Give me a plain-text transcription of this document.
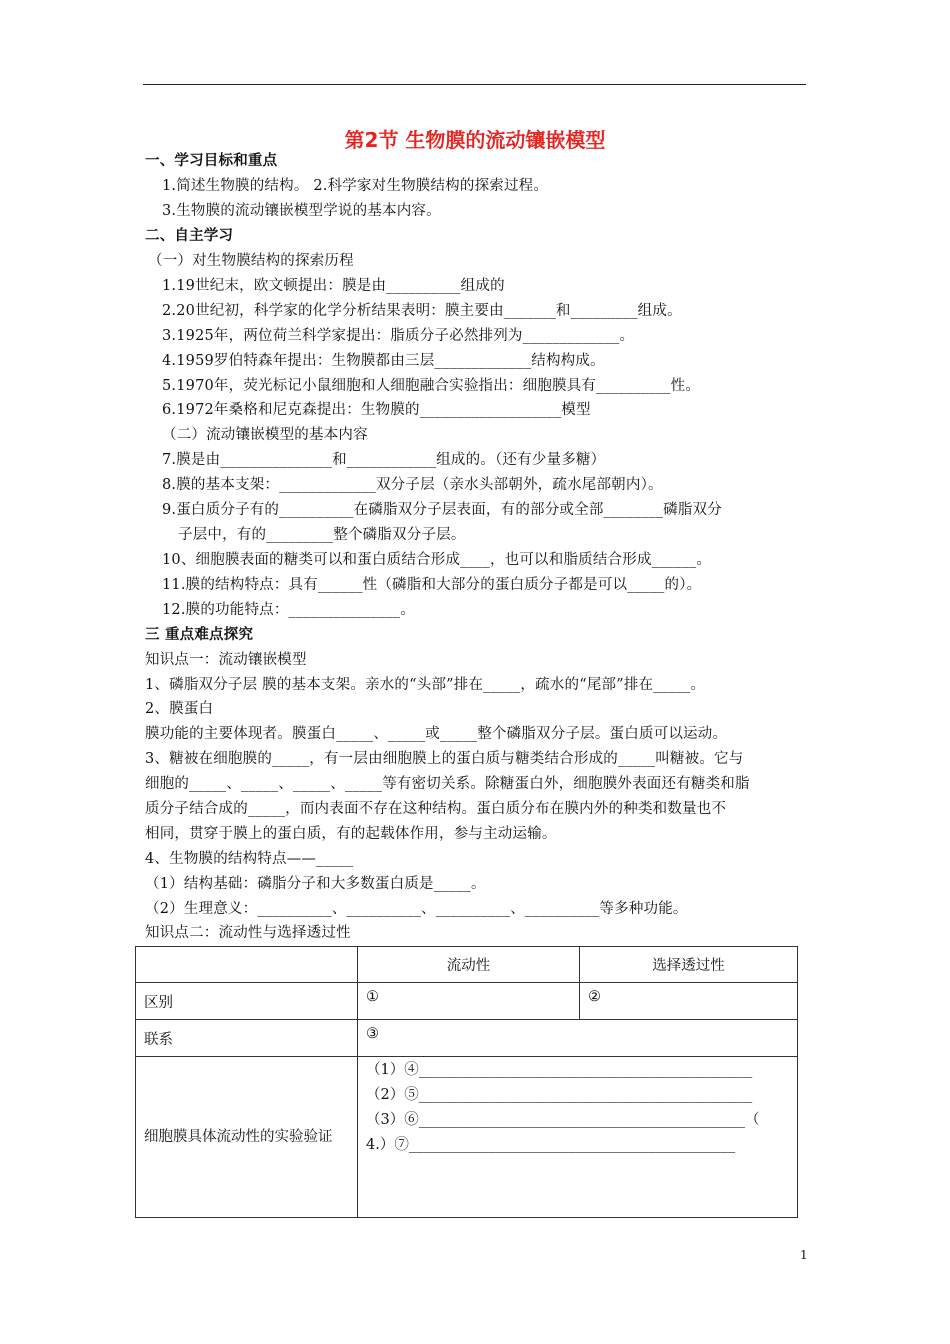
第2节 生物膜的流动镶嵌模型
一、学习目标和重点
1.简述生物膜的结构。 2.科学家对生物膜结构的探索过程。
3.生物膜的流动镶嵌模型学说的基本内容。
二、自主学习
（一）对生物膜结构的探索历程
1.19世纪末，欧文顿提出：膜是由__________组成的
2.20世纪初，科学家的化学分析结果表明：膜主要由_______和_________组成。
3.1925年，两位荷兰科学家提出：脂质分子必然排列为_____________。
4.1959罗伯特森年提出：生物膜都由三层_____________结构构成。
5.1970年，荧光标记小鼠细胞和人细胞融合实验指出：细胞膜具有__________性。
6.1972年桑格和尼克森提出：生物膜的___________________模型
（二）流动镶嵌模型的基本内容
7.膜是由_______________和____________组成的。（还有少量多糖）
8.膜的基本支架：_____________双分子层（亲水头部朝外，疏水尾部朝内）。
9.蛋白质分子有的__________在磷脂双分子层表面，有的部分或全部________磷脂双分
子层中，有的_________整个磷脂双分子层。
10、细胞膜表面的糖类可以和蛋白质结合形成____，也可以和脂质结合形成______。
11.膜的结构特点：具有______性（磷脂和大部分的蛋白质分子都是可以_____的）。
12.膜的功能特点：_______________。
三 重点难点探究
知识点一：流动镶嵌模型
1、磷脂双分子层 膜的基本支架。亲水的“头部”排在_____，疏水的“尾部”排在_____。
2、膜蛋白
膜功能的主要体现者。膜蛋白_____、_____或_____整个磷脂双分子层。蛋白质可以运动。
3、糖被在细胞膜的_____，有一层由细胞膜上的蛋白质与糖类结合形成的_____叫糖被。它与
细胞的_____、_____、_____、_____等有密切关系。除糖蛋白外，细胞膜外表面还有糖类和脂
质分子结合成的_____，而内表面不存在这种结构。蛋白质分布在膜内外的种类和数量也不
相同，贯穿于膜上的蛋白质，有的起载体作用，参与主动运输。
4、生物膜的结构特点——_____
（1）结构基础：磷脂分子和大多数蛋白质是_____。
（2）生理意义：__________、__________、__________、__________等多种功能。
知识点二：流动性与选择透过性
	流动性	选择透过性
区别	①	②
联系	③	
细胞膜具体流动性的实验验证	（1）④______________________________________________
（2）⑤______________________________________________
（3）⑥_____________________________________________（
4.）⑦_____________________________________________	
1
